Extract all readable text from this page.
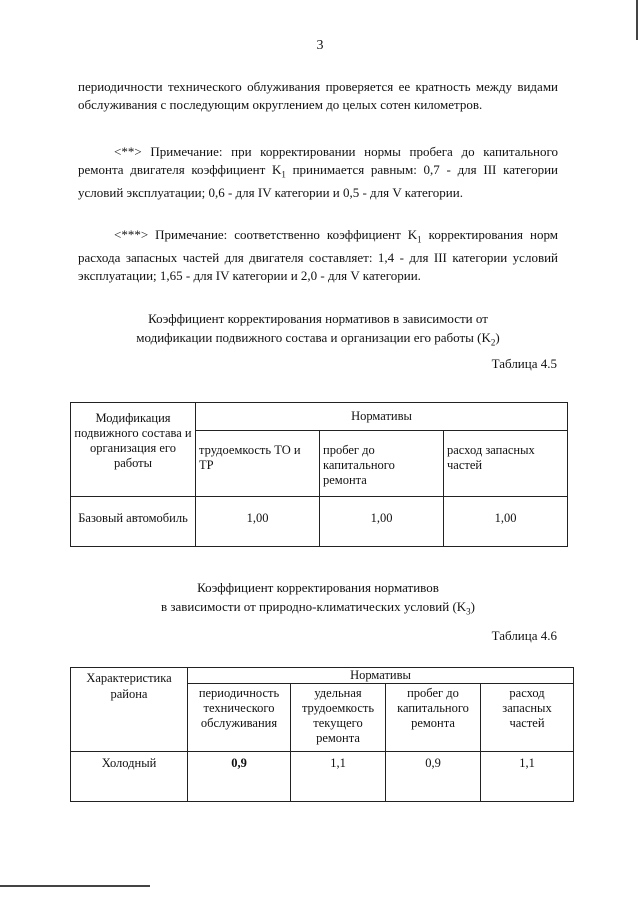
3
периодичности технического облуживания проверяется ее кратность между видами обслуживания с последующим округлением до целых сотен километров.
<**> Примечание: при корректировании нормы пробега до капитального ремонта двигателя коэффициент $K_1$ принимается равным: 0,7 - для III категории условий эксплуатации; 0,6 - для IV категории и 0,5 - для V категории.
<***> Примечание: соответственно коэффициент $K_1$ корректирования норм расхода запасных частей для двигателя составляет: 1,4 - для III категории условий эксплуатации; 1,65 - для IV категории и 2,0 - для V категории.
Коэффициент корректирования нормативов в зависимости от
модификации подвижного состава и организации его работы $(K_2)$
Таблица 4.5
Модификация подвижного состава и организация его работы	Нормативы		
	трудоемкость ТО и ТР	пробег до капитального ремонта	расход запасных частей
Базовый автомобиль	1,00	1,00	1,00
Коэффициент корректирования нормативов
в зависимости от природно-климатических условий $(K_3)$
Таблица 4.6
Характеристика района	Нормативы			
	периодичность технического обслуживания	удельная трудоемкость текущего ремонта	пробег до капитального ремонта	расход запасных частей
Холодный	0,9	1,1	0,9	1,1
